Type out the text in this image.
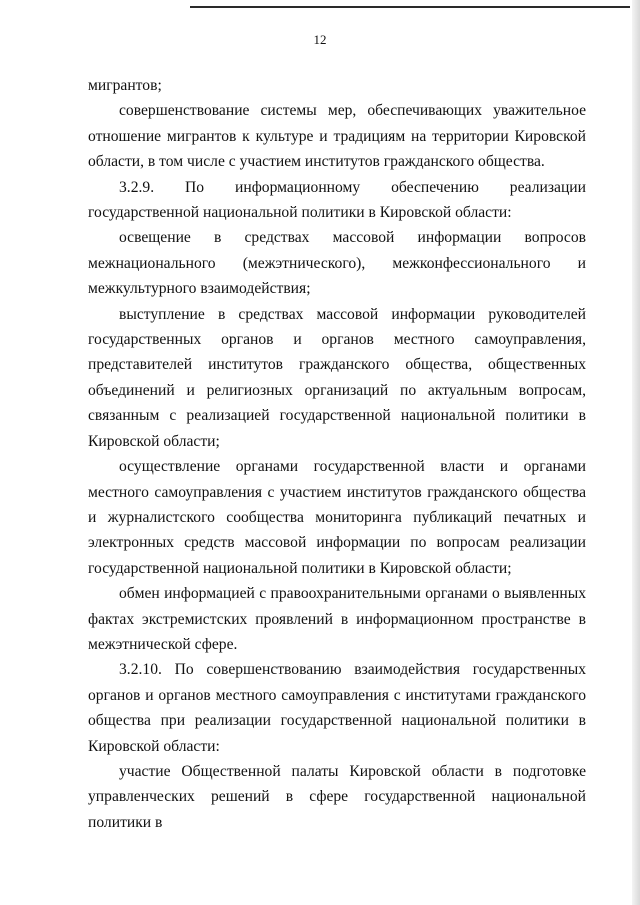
12

мигрантов;

совершенствование системы мер, обеспечивающих уважительное отношение мигрантов к культуре и традициям на территории Кировской области, в том числе с участием институтов гражданского общества.

3.2.9. По информационному обеспечению реализации государственной национальной политики в Кировской области:

освещение в средствах массовой информации вопросов межнационального (межэтнического), межконфессионального и межкультурного взаимодействия;

выступление в средствах массовой информации руководителей государственных органов и органов местного самоуправления, представителей институтов гражданского общества, общественных объединений и религиозных организаций по актуальным вопросам, связанным с реализацией государственной национальной политики в Кировской области;

осуществление органами государственной власти и органами местного самоуправления с участием институтов гражданского общества и журналистского сообщества мониторинга публикаций печатных и электронных средств массовой информации по вопросам реализации государственной национальной политики в Кировской области;

обмен информацией с правоохранительными органами о выявленных фактах экстремистских проявлений в информационном пространстве в межэтнической сфере.

3.2.10. По совершенствованию взаимодействия государственных органов и органов местного самоуправления с институтами гражданского общества при реализации государственной национальной политики в Кировской области:

участие Общественной палаты Кировской области в подготовке управленческих решений в сфере государственной национальной политики в
